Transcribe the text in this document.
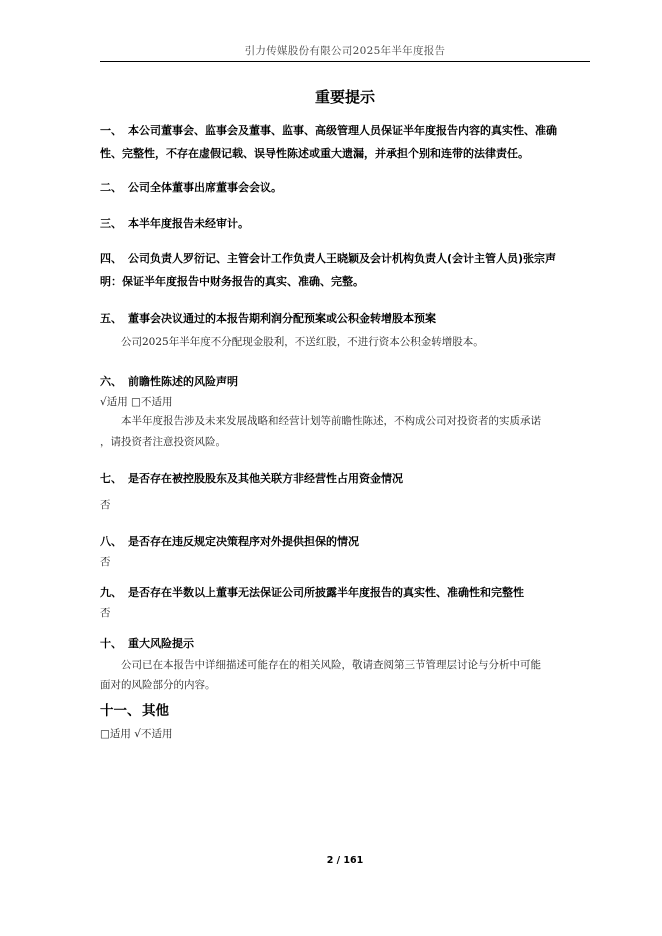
引力传媒股份有限公司2025年半年度报告
重要提示
一、 本公司董事会、监事会及董事、监事、高级管理人员保证半年度报告内容的真实性、准确
性、完整性，不存在虚假记载、误导性陈述或重大遗漏，并承担个别和连带的法律责任。
二、 公司全体董事出席董事会会议。
三、 本半年度报告未经审计。
四、 公司负责人罗衍记、主管会计工作负责人王晓颖及会计机构负责人(会计主管人员)张宗声
明：保证半年度报告中财务报告的真实、准确、完整。
五、 董事会决议通过的本报告期利润分配预案或公积金转增股本预案
公司2025年半年度不分配现金股利，不送红股，不进行资本公积金转增股本。
六、 前瞻性陈述的风险声明
√适用 □不适用
本半年度报告涉及未来发展战略和经营计划等前瞻性陈述，不构成公司对投资者的实质承诺
，请投资者注意投资风险。
七、 是否存在被控股股东及其他关联方非经营性占用资金情况
否
八、 是否存在违反规定决策程序对外提供担保的情况
否
九、 是否存在半数以上董事无法保证公司所披露半年度报告的真实性、准确性和完整性
否
十、 重大风险提示
公司已在本报告中详细描述可能存在的相关风险，敬请查阅第三节管理层讨论与分析中可能
面对的风险部分的内容。
十一、 其他
□适用 √不适用
2 / 161
